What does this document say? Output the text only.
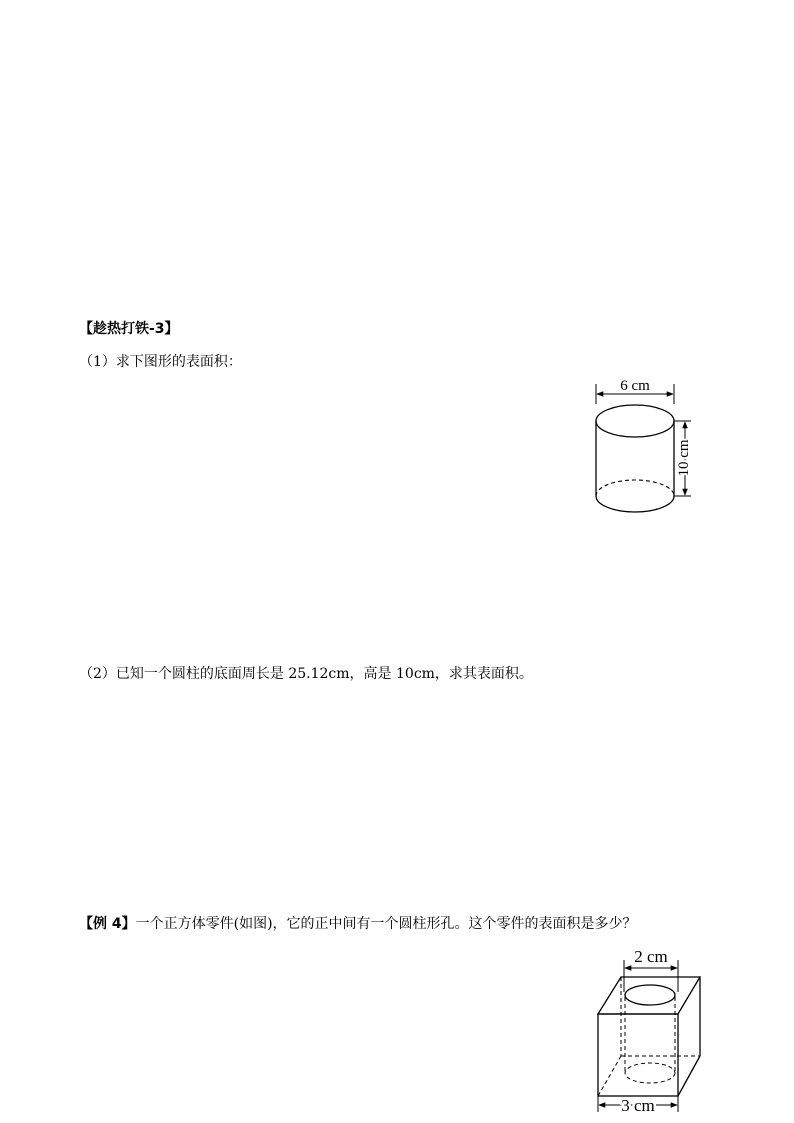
【趁热打铁-3】
（1）求下图形的表面积：
6 cm
10 cm
（2）已知一个圆柱的底面周长是 25.12cm，高是 10cm，求其表面积。
【例 4】一个正方体零件(如图)，它的正中间有一个圆柱形孔。这个零件的表面积是多少？
2 cm
3 cm
